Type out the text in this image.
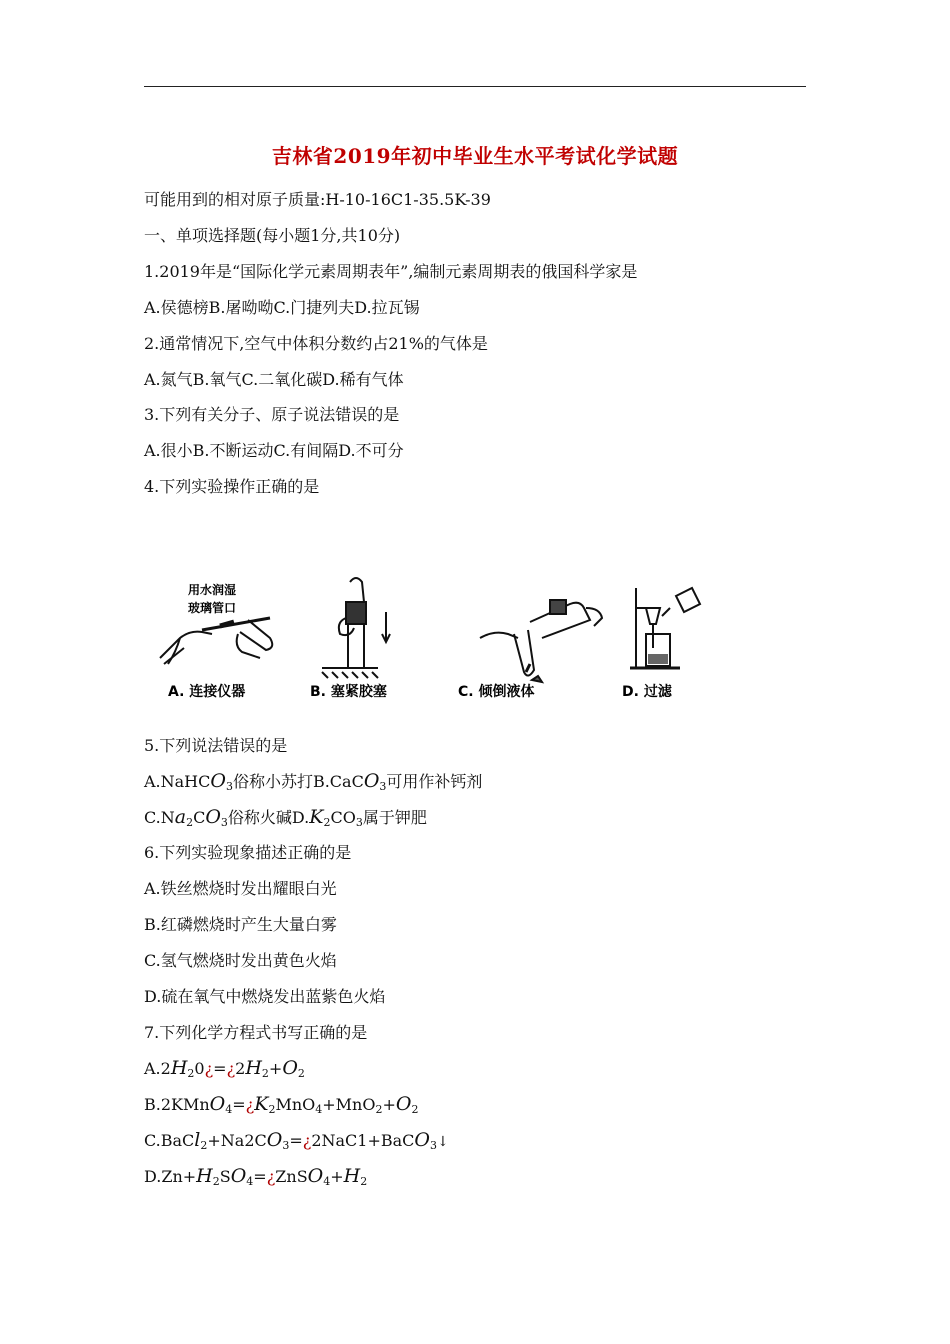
吉林省2019年初中毕业生水平考试化学试题
可能用到的相对原子质量:H-10-16C1-35.5K-39
一、单项选择题(每小题1分,共10分)
1.2019年是“国际化学元素周期表年”,编制元素周期表的俄国科学家是
A.侯德榜B.屠呦呦C.门捷列夫D.拉瓦锡
2.通常情况下,空气中体积分数约占21%的气体是
A.氮气B.氧气C.二氧化碳D.稀有气体
3.下列有关分子、原子说法错误的是
A.很小B.不断运动C.有间隔D.不可分
4.下列实验操作正确的是
用水润湿
玻璃管口
A. 连接仪器	B. 塞紧胶塞	C. 倾倒液体	D. 过滤
5.下列说法错误的是
A.NaHCO$_3$俗称小苏打B.CaCO$_3$可用作补钙剂
$C.Na_2CO_3$俗称火碱$D.K_2CO_3$属于钾肥
6.下列实验现象描述正确的是
A.铁丝燃烧时发出耀眼白光
B.红磷燃烧时产生大量白雾
C.氢气燃烧时发出黄色火焰
D.硫在氧气中燃烧发出蓝紫色火焰
7.下列化学方程式书写正确的是
$A.2H_20¿=¿2H_2+O_2$
$B.2KMnO_4=¿K_2MnO_4+MnO_2+O_2$
$C.BaCl_2+Na2CO_3=¿2NaC1+BaCO_3↓$
$D.Zn+H_2SO_4=¿ZnSO_4+H_2$
